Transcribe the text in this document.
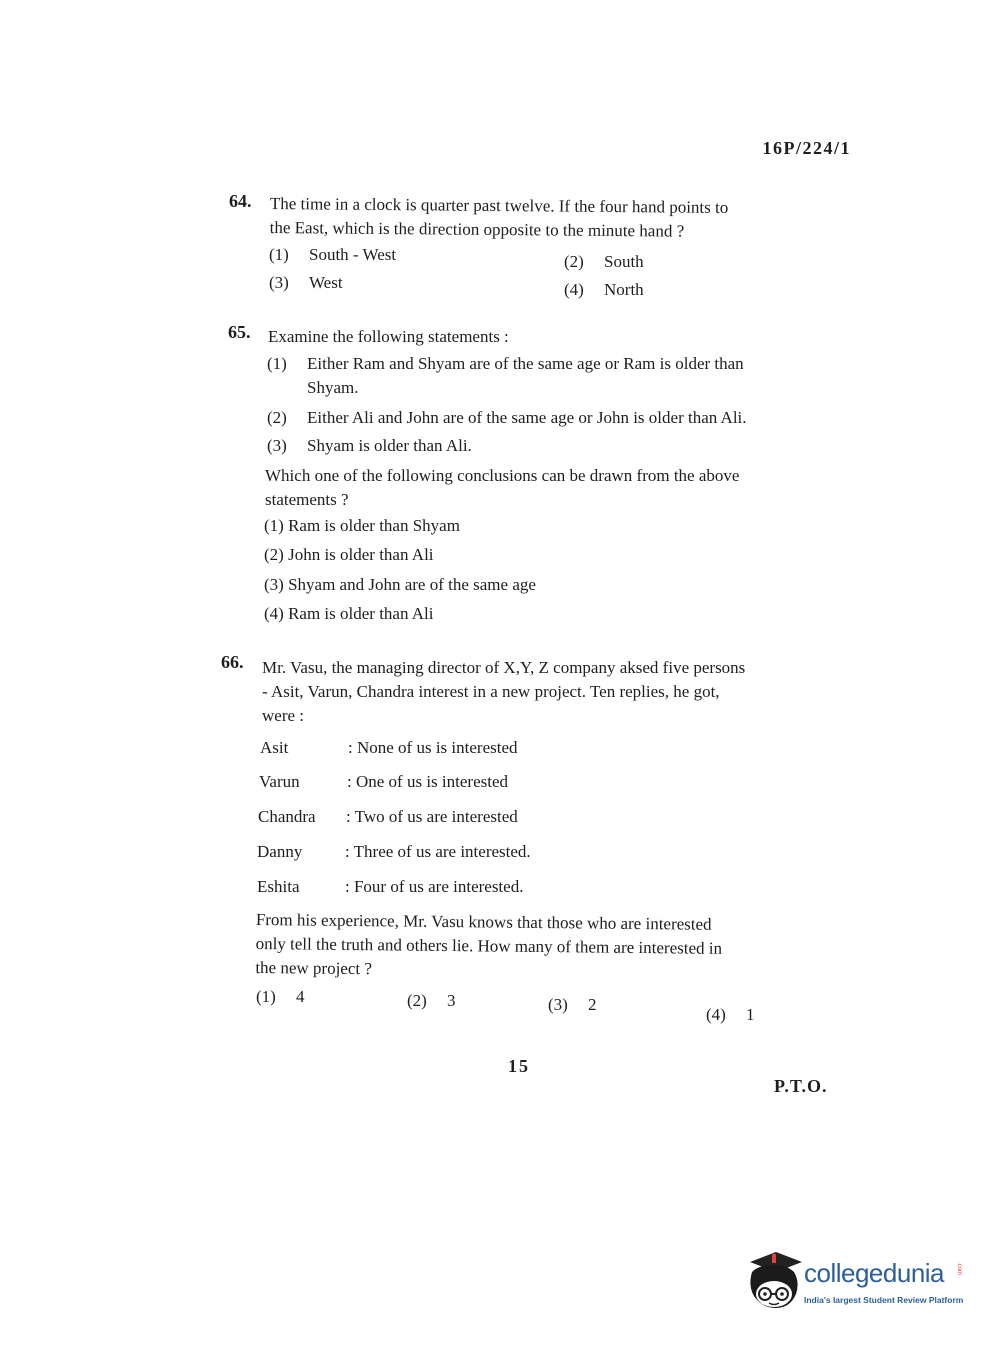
16P/224/1
64. The time in a clock is quarter past twelve. If the four hand points to
the East, which is the direction opposite to the minute hand ?
(1) South - West	(2) South
(3) West	(4) North
65. Examine the following statements :
(1) Either Ram and Shyam are of the same age or Ram is older than
Shyam.
(2) Either Ali and John are of the same age or John is older than Ali.
(3) Shyam is older than Ali.
Which one of the following conclusions can be drawn from the above
statements ?
(1) Ram is older than Shyam
(2) John is older than Ali
(3) Shyam and John are of the same age
(4) Ram is older than Ali
66. Mr. Vasu, the managing director of X,Y, Z company aksed five persons
- Asit, Varun, Chandra interest in a new project. Ten replies, he got,
were :
Asit	: None of us is interested
Varun	: One of us is interested
Chandra : Two of us are interested
Danny	: Three of us are interested.
Eshita	: Four of us are interested.
From his experience, Mr. Vasu knows that those who are interested
only tell the truth and others lie. How many of them are interested in
the new project ?
(1) 4	(2) 3	(3) 2
(4) 1
15
P.T.O.
collegedunia .com
India's largest Student Review Platform
